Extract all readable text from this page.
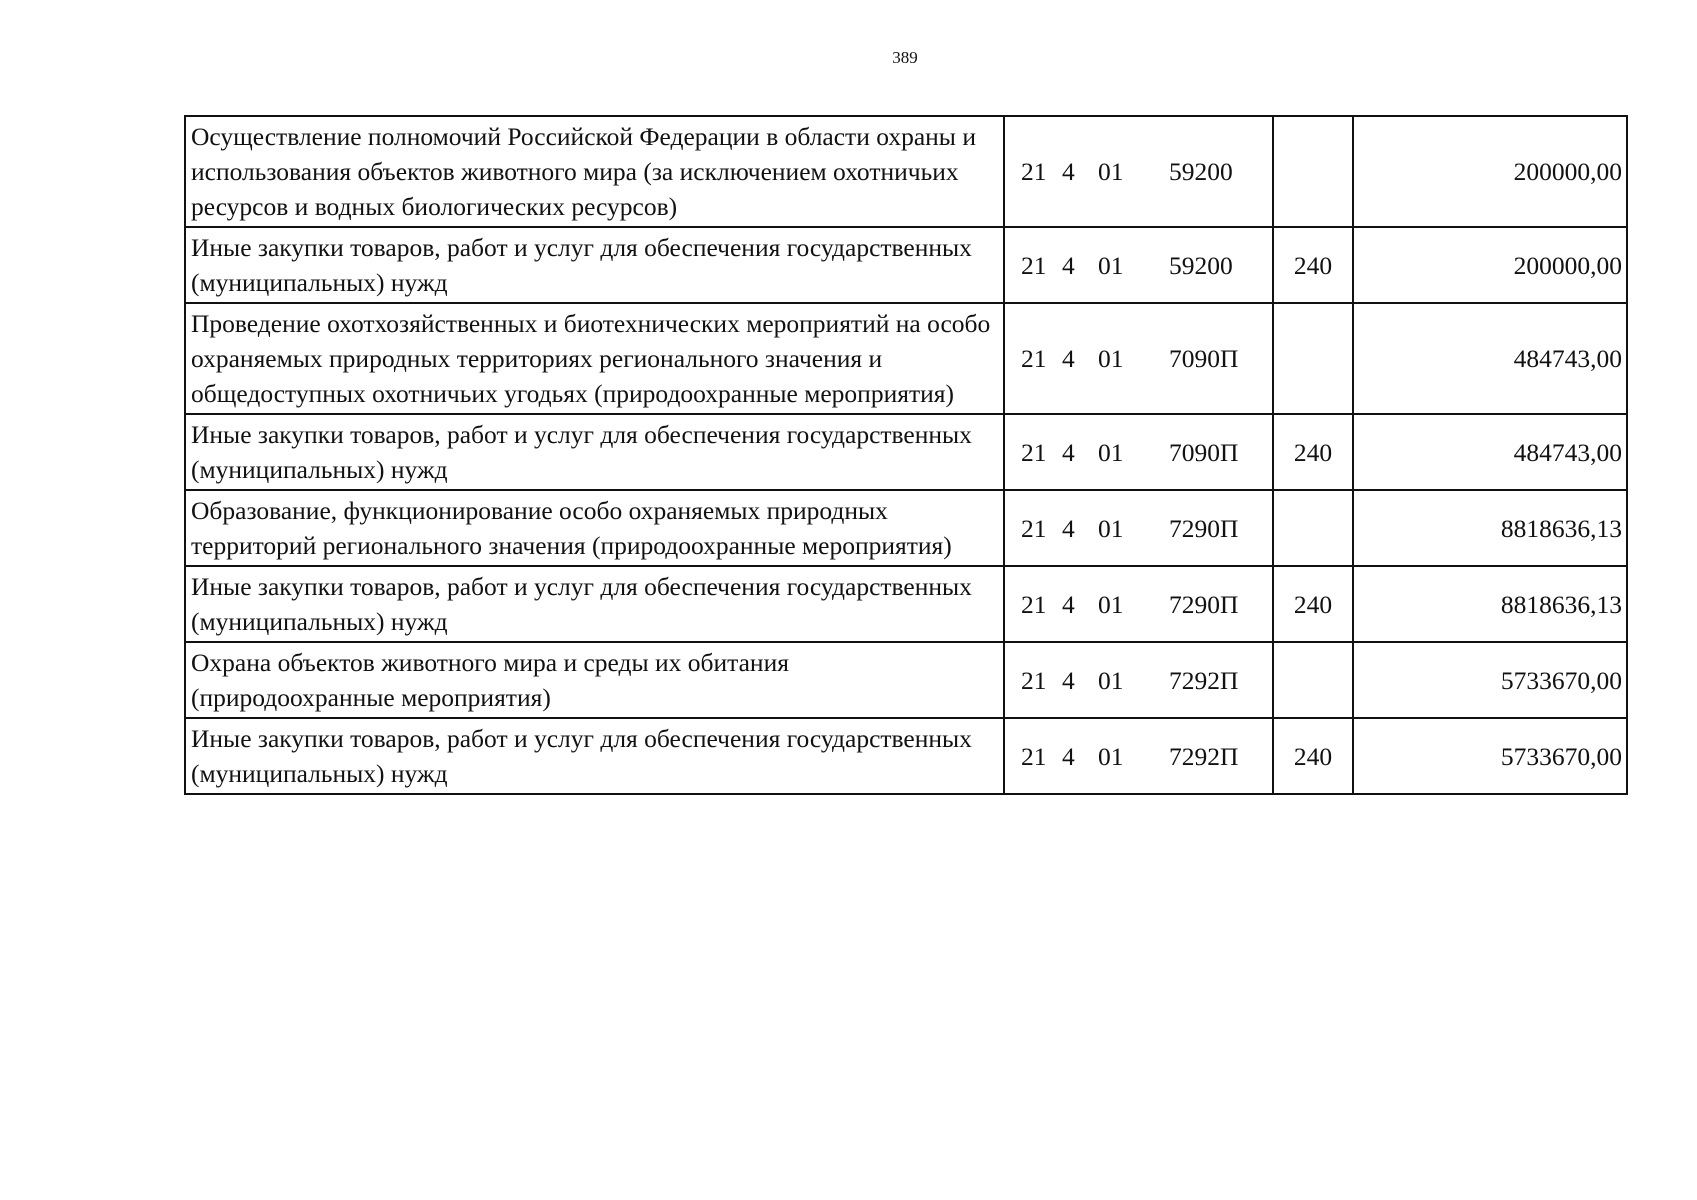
389
Осуществление полномочий Российской Федерации в области охраны и использования объектов животного мира (за исключением охотничьих ресурсов и водных биологических ресурсов)	21 4 01 59200		200000,00
Иные закупки товаров, работ и услуг для обеспечения государственных (муниципальных) нужд	21 4 01 59200	240	200000,00
Проведение охотхозяйственных и биотехнических мероприятий на особо охраняемых природных территориях регионального значения и общедоступных охотничьих угодьях (природоохранные мероприятия)	21 4 01 7090П		484743,00
Иные закупки товаров, работ и услуг для обеспечения государственных (муниципальных) нужд	21 4 01 7090П	240	484743,00
Образование, функционирование особо охраняемых природных территорий регионального значения (природоохранные мероприятия)	21 4 01 7290П		8818636,13
Иные закупки товаров, работ и услуг для обеспечения государственных (муниципальных) нужд	21 4 01 7290П	240	8818636,13
Охрана объектов животного мира и среды их обитания (природоохранные мероприятия)	21 4 01 7292П		5733670,00
Иные закупки товаров, работ и услуг для обеспечения государственных (муниципальных) нужд	21 4 01 7292П	240	5733670,00
